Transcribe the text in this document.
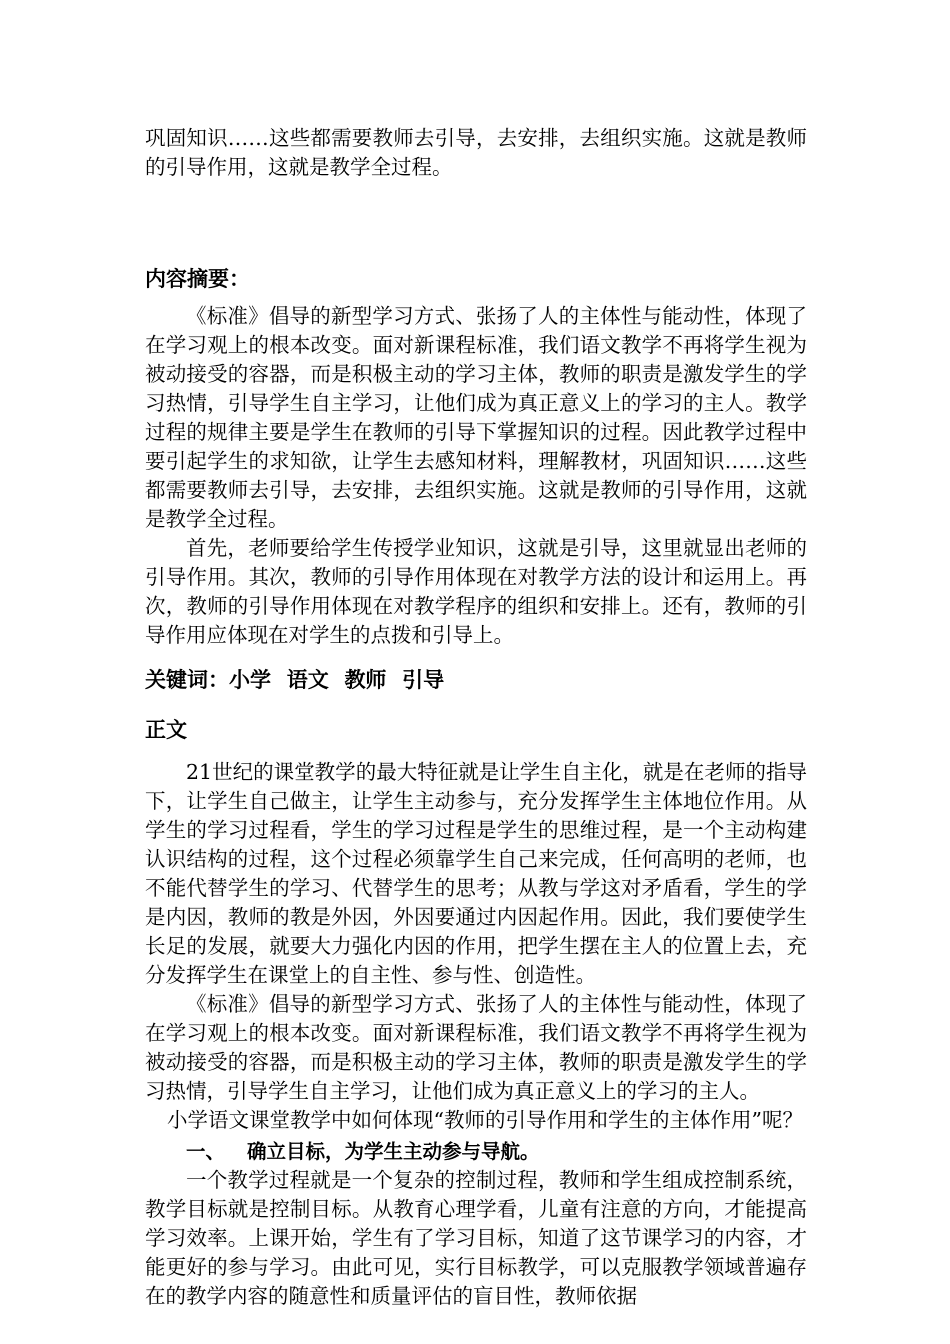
巩固知识……这些都需要教师去引导，去安排，去组织实施。这就是教师的引导作用，这就是教学全过程。

内容摘要：

《标准》倡导的新型学习方式、张扬了人的主体性与能动性，体现了在学习观上的根本改变。面对新课程标准，我们语文教学不再将学生视为被动接受的容器，而是积极主动的学习主体，教师的职责是激发学生的学习热情，引导学生自主学习，让他们成为真正意义上的学习的主人。教学过程的规律主要是学生在教师的引导下掌握知识的过程。因此教学过程中要引起学生的求知欲，让学生去感知材料，理解教材，巩固知识……这些都需要教师去引导，去安排，去组织实施。这就是教师的引导作用，这就是教学全过程。

首先，老师要给学生传授学业知识，这就是引导，这里就显出老师的引导作用。其次，教师的引导作用体现在对教学方法的设计和运用上。再次，教师的引导作用体现在对教学程序的组织和安排上。还有，教师的引导作用应体现在对学生的点拨和引导上。

关键词：小学 语文 教师 引导
正文

21世纪的课堂教学的最大特征就是让学生自主化，就是在老师的指导下，让学生自己做主，让学生主动参与，充分发挥学生主体地位作用。从学生的学习过程看，学生的学习过程是学生的思维过程，是一个主动构建认识结构的过程，这个过程必须靠学生自己来完成，任何高明的老师，也不能代替学生的学习、代替学生的思考；从教与学这对矛盾看，学生的学是内因，教师的教是外因，外因要通过内因起作用。因此，我们要使学生长足的发展，就要大力强化内因的作用，把学生摆在主人的位置上去，充分发挥学生在课堂上的自主性、参与性、创造性。

《标准》倡导的新型学习方式、张扬了人的主体性与能动性，体现了在学习观上的根本改变。面对新课程标准，我们语文教学不再将学生视为被动接受的容器，而是积极主动的学习主体，教师的职责是激发学生的学习热情，引导学生自主学习，让他们成为真正意义上的学习的主人。

小学语文课堂教学中如何体现“教师的引导作用和学生的主体作用”呢？

一、 确立目标，为学生主动参与导航。

一个教学过程就是一个复杂的控制过程，教师和学生组成控制系统，教学目标就是控制目标。从教育心理学看，儿童有注意的方向，才能提高学习效率。上课开始，学生有了学习目标，知道了这节课学习的内容，才能更好的参与学习。由此可见，实行目标教学，可以克服教学领域普遍存在的教学内容的随意性和质量评估的盲目性，教师依据
